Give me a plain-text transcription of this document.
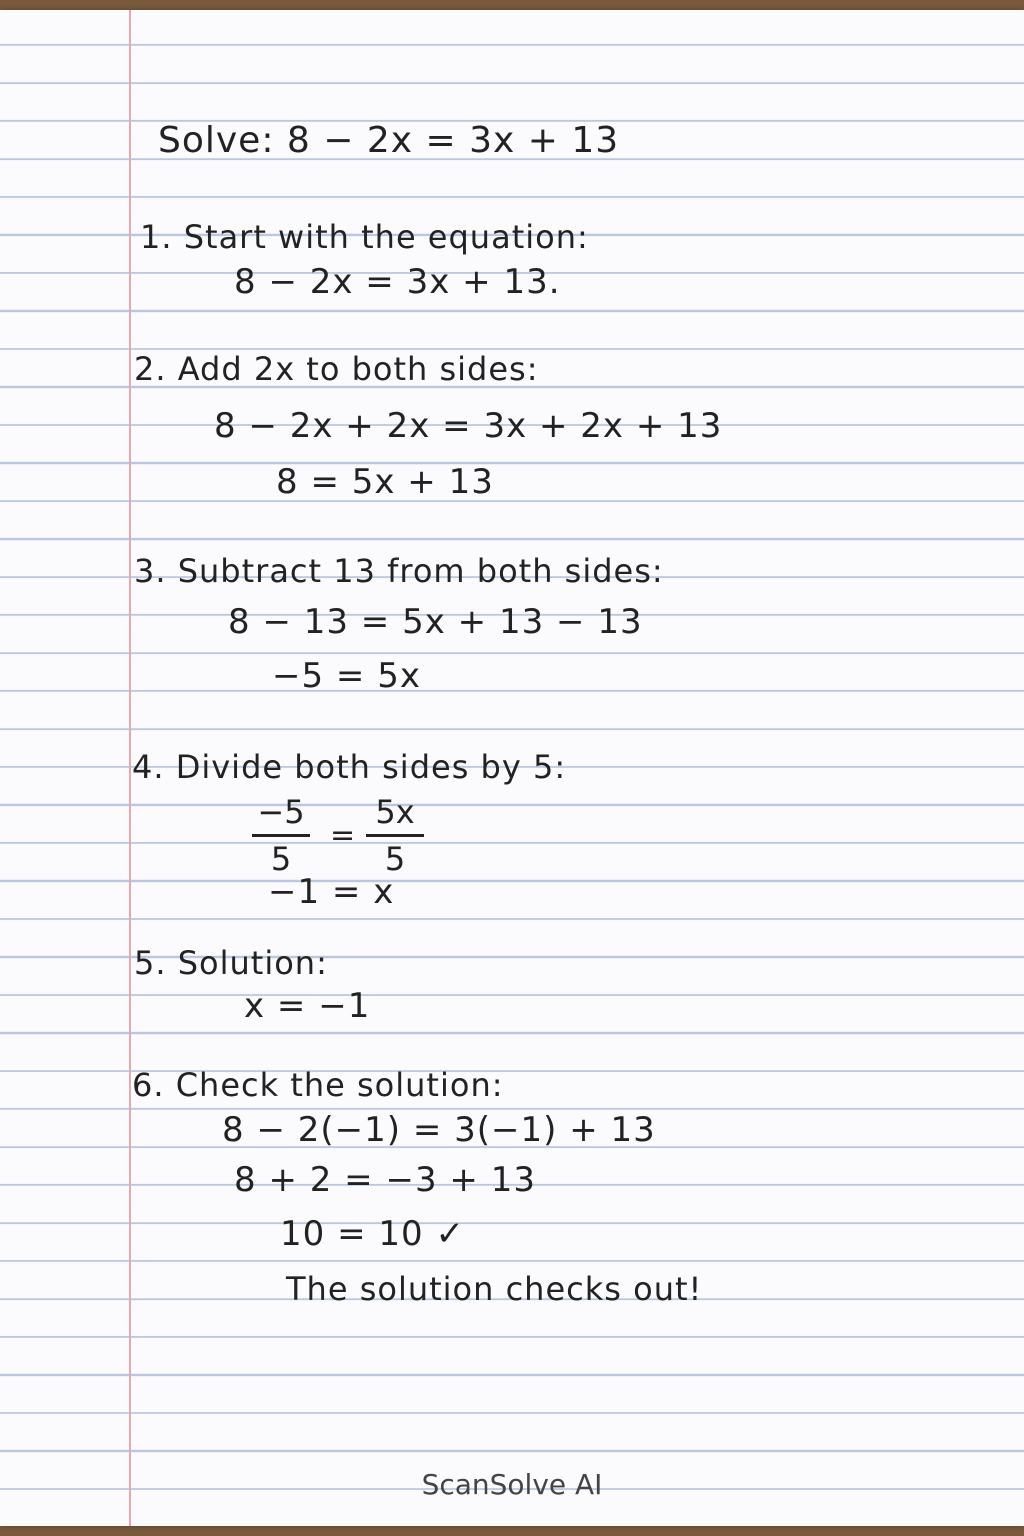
Solve: 8 − 2x = 3x + 13
1. Start with the equation:
8 − 2x = 3x + 13.
2. Add 2x to both sides:
8 − 2x + 2x = 3x + 2x + 13
8 = 5x + 13
3. Subtract 13 from both sides:
8 − 13 = 5x + 13 − 13
−5 = 5x
4. Divide both sides by 5:
−5
5
=
5x
5
−1 = x
5. Solution:
x = −1
6. Check the solution:
8 − 2(−1) = 3(−1) + 13
8 + 2 = −3 + 13
10 = 10 ✓
The solution checks out!
ScanSolve AI
